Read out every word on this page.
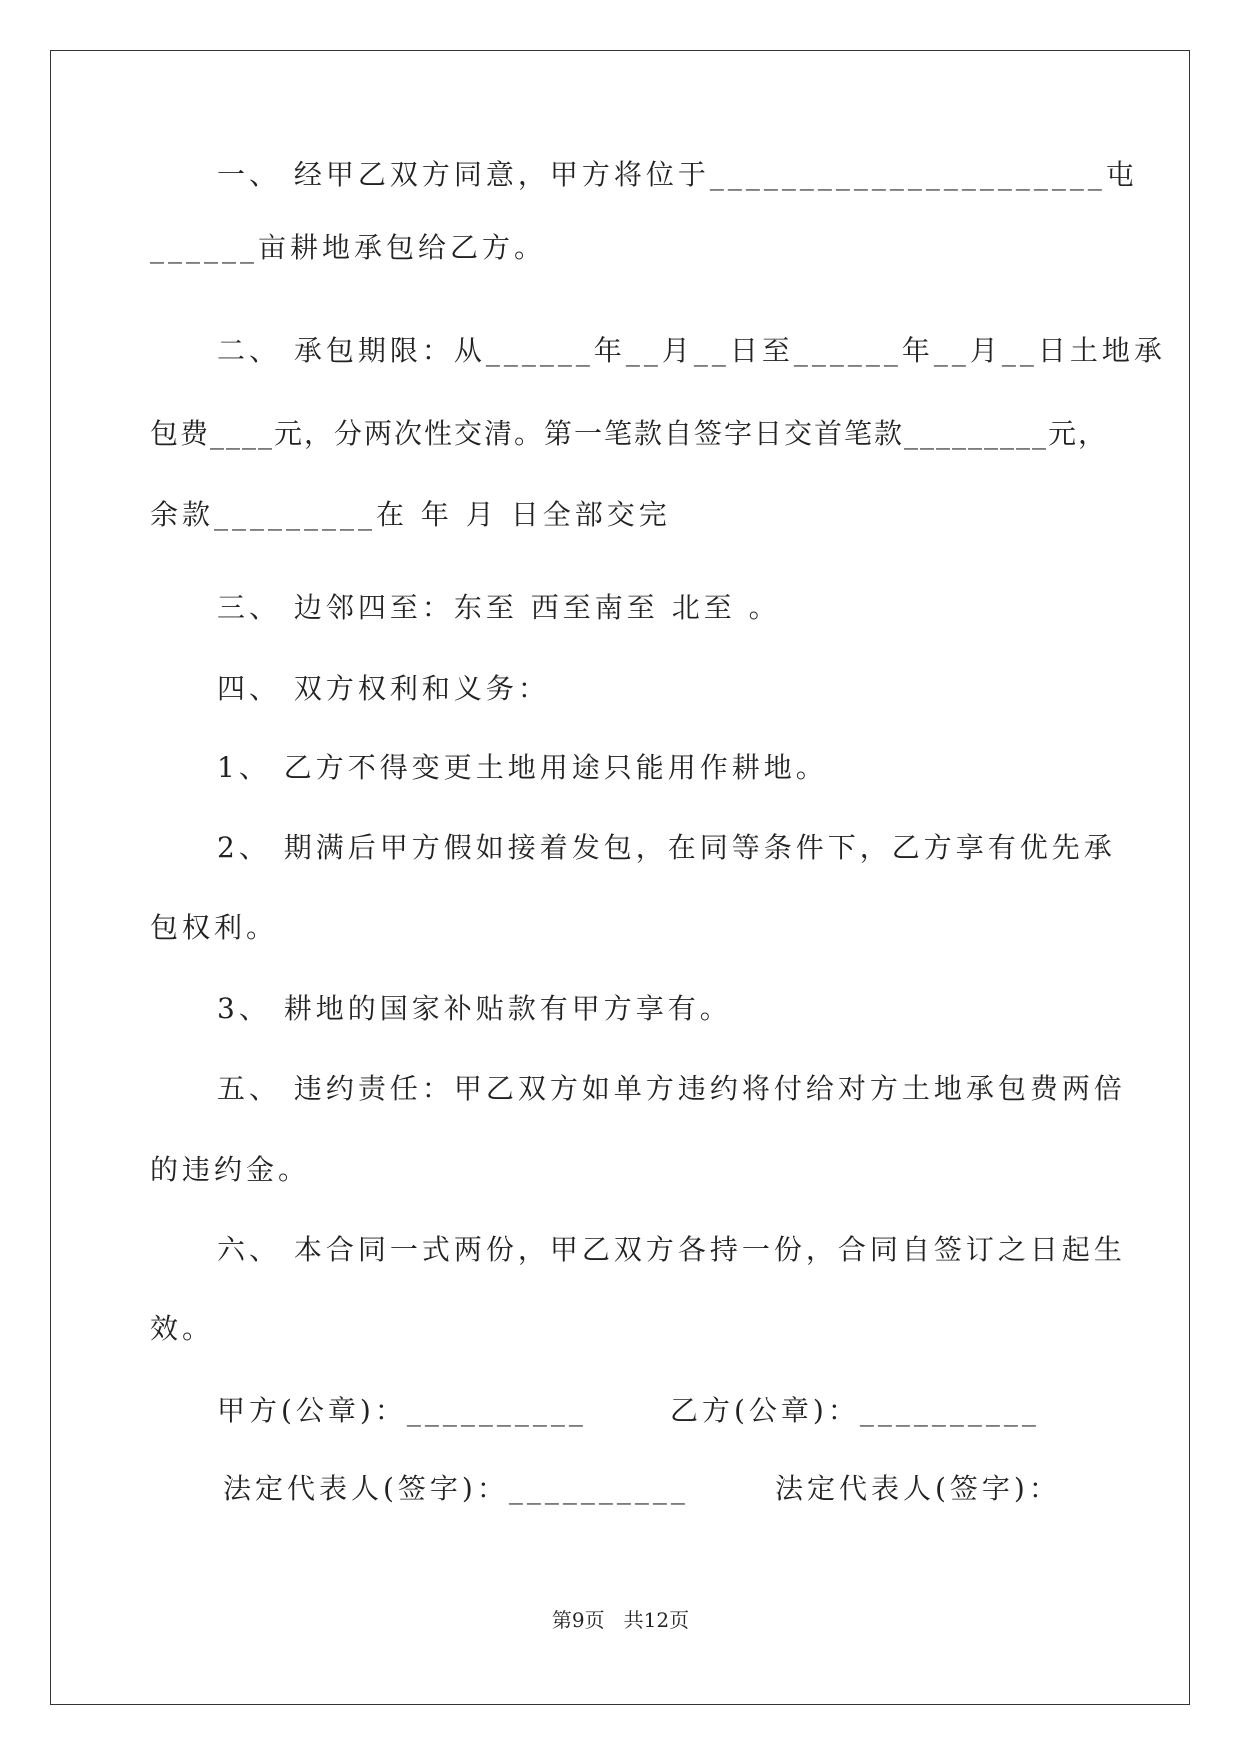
一、 经甲乙双方同意，甲方将位于______________________屯

______亩耕地承包给乙方。

二、 承包期限：从______年__月__日至______年__月__日土地承

包费____元，分两次性交清。第一笔款自签字日交首笔款_________元，

余款_________在 年 月 日全部交完

三、 边邻四至：东至 西至南至 北至 。

四、 双方权利和义务：

1、 乙方不得变更土地用途只能用作耕地。

2、 期满后甲方假如接着发包，在同等条件下，乙方享有优先承

包权利。

3、 耕地的国家补贴款有甲方享有。

五、 违约责任：甲乙双方如单方违约将付给对方土地承包费两倍

的违约金。

六、 本合同一式两份，甲乙双方各持一份，合同自签订之日起生

效。

甲方(公章)：__________	乙方(公章)：__________

法定代表人(签字)：__________	法定代表人(签字)：

第9页   共12页
